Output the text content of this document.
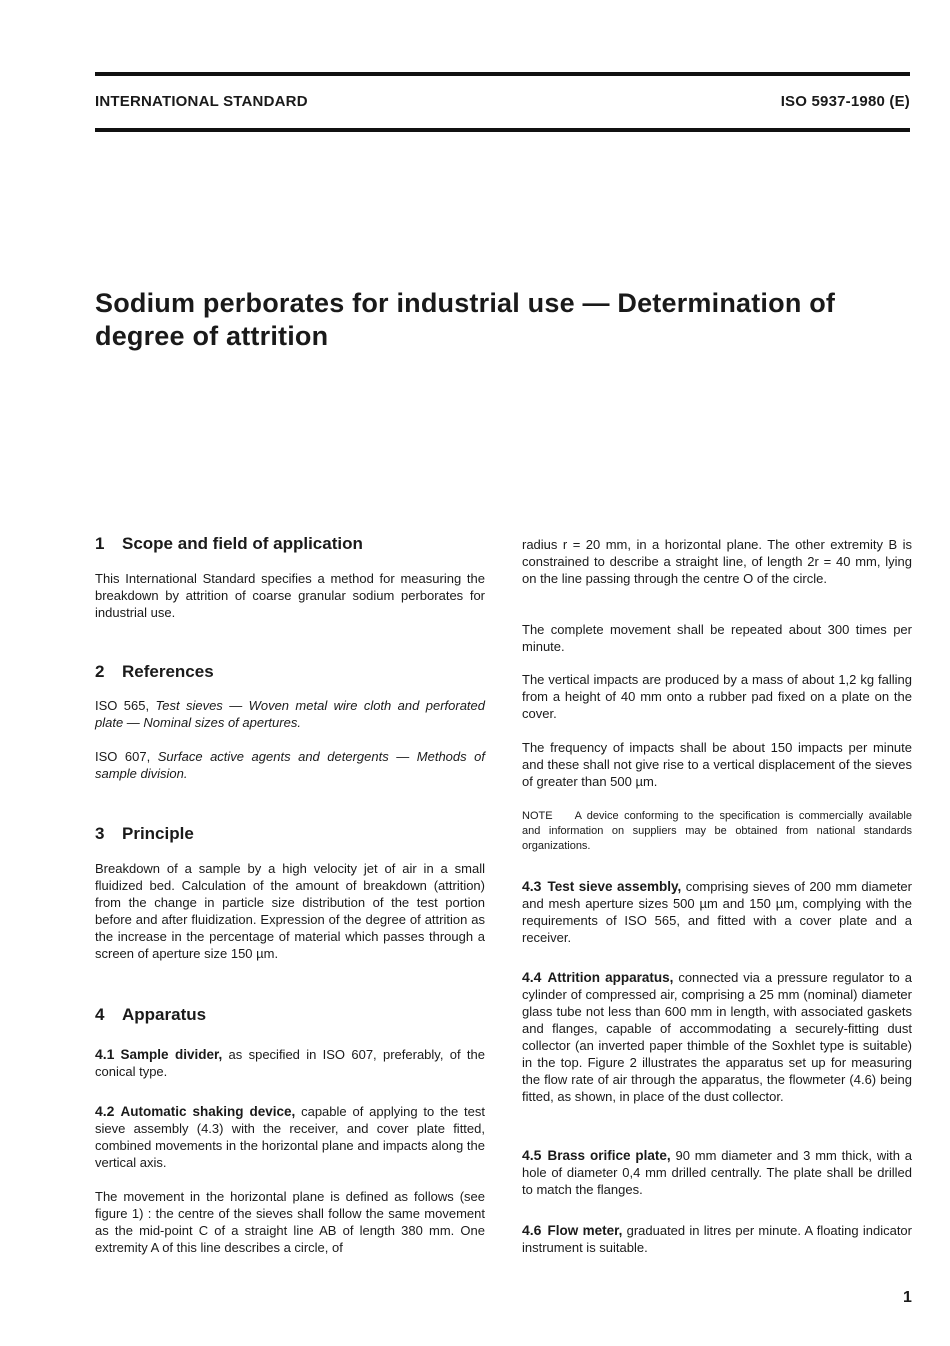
INTERNATIONAL STANDARD	ISO 5937-1980 (E)
Sodium perborates for industrial use — Determination of degree of attrition
1 Scope and field of application

This International Standard specifies a method for measuring the breakdown by attrition of coarse granular sodium perborates for industrial use.

2 References

ISO 565, Test sieves — Woven metal wire cloth and perforated plate — Nominal sizes of apertures.

ISO 607, Surface active agents and detergents — Methods of sample division.

3 Principle

Breakdown of a sample by a high velocity jet of air in a small fluidized bed. Calculation of the amount of breakdown (attrition) from the change in particle size distribution of the test portion before and after fluidization. Expression of the degree of attrition as the increase in the percentage of material which passes through a screen of aperture size 150 µm.

4 Apparatus

4.1 Sample divider, as specified in ISO 607, preferably, of the conical type.

4.2 Automatic shaking device, capable of applying to the test sieve assembly (4.3) with the receiver, and cover plate fitted, combined movements in the horizontal plane and impacts along the vertical axis.

The movement in the horizontal plane is defined as follows (see figure 1) : the centre of the sieves shall follow the same movement as the mid-point C of a straight line AB of length 380 mm. One extremity A of this line describes a circle, of

radius r = 20 mm, in a horizontal plane. The other extremity B is constrained to describe a straight line, of length 2r = 40 mm, lying on the line passing through the centre O of the circle.

The complete movement shall be repeated about 300 times per minute.

The vertical impacts are produced by a mass of about 1,2 kg falling from a height of 40 mm onto a rubber pad fixed on a plate on the cover.

The frequency of impacts shall be about 150 impacts per minute and these shall not give rise to a vertical displacement of the sieves of greater than 500 µm.

NOTE A device conforming to the specification is commercially available and information on suppliers may be obtained from national standards organizations.

4.3 Test sieve assembly, comprising sieves of 200 mm diameter and mesh aperture sizes 500 µm and 150 µm, complying with the requirements of ISO 565, and fitted with a cover plate and a receiver.

4.4 Attrition apparatus, connected via a pressure regulator to a cylinder of compressed air, comprising a 25 mm (nominal) diameter glass tube not less than 600 mm in length, with associated gaskets and flanges, capable of accommodating a securely-fitting dust collector (an inverted paper thimble of the Soxhlet type is suitable) in the top. Figure 2 illustrates the apparatus set up for measuring the flow rate of air through the apparatus, the flowmeter (4.6) being fitted, as shown, in place of the dust collector.

4.5 Brass orifice plate, 90 mm diameter and 3 mm thick, with a hole of diameter 0,4 mm drilled centrally. The plate shall be drilled to match the flanges.

4.6 Flow meter, graduated in litres per minute. A floating indicator instrument is suitable.

1
